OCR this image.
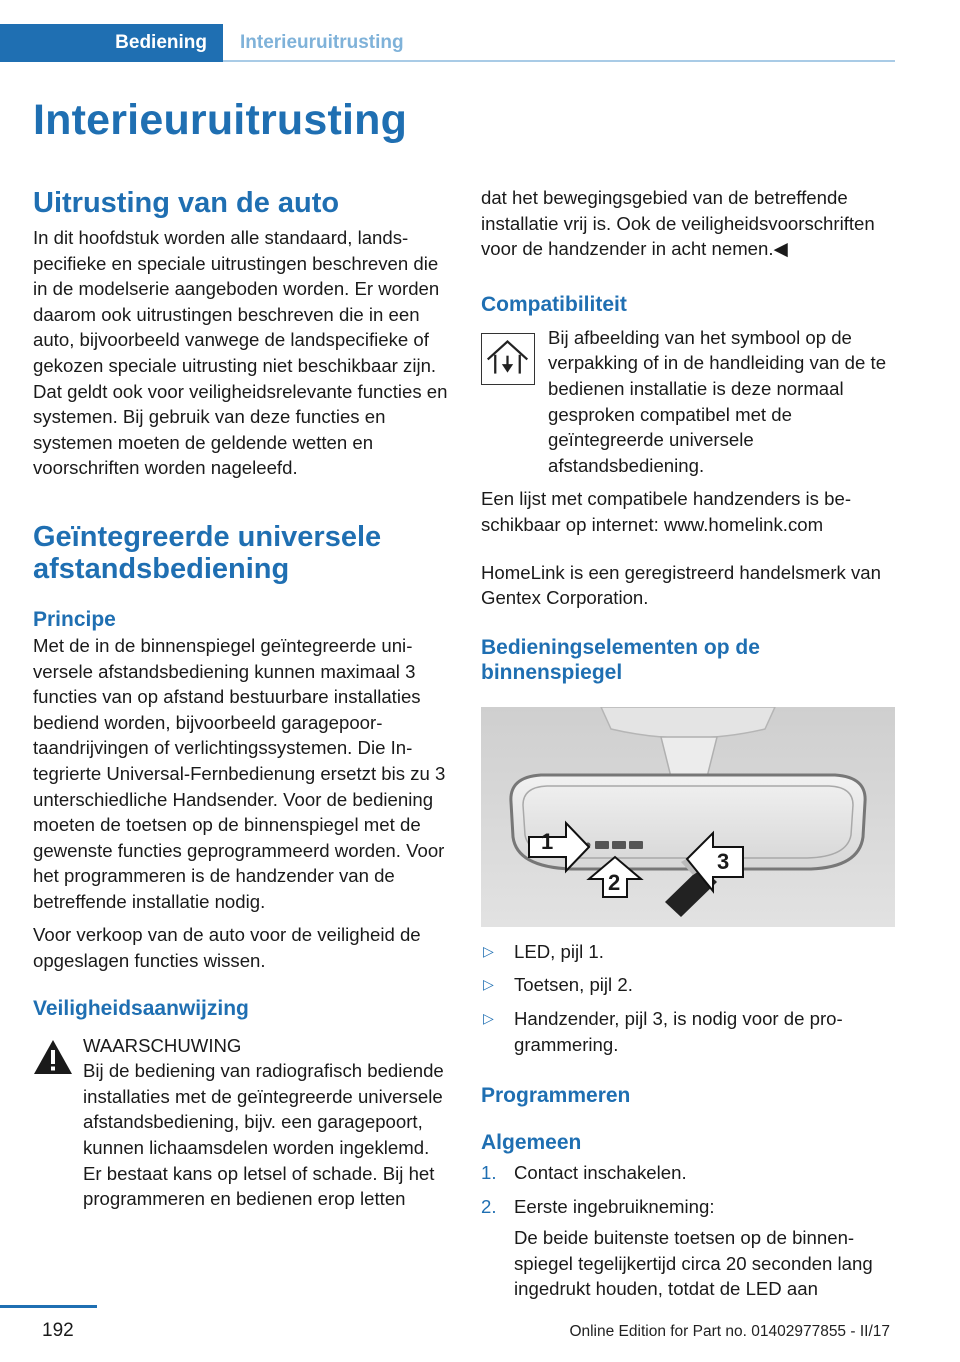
Bediening	Interieuruitrusting
Interieuruitrusting
Uitrusting van de auto

In dit hoofdstuk worden alle standaard, landspecifieke en speciale uitrustingen beschreven die in de modelserie aangeboden worden. Er worden daarom ook uitrustingen beschreven die in een auto, bijvoorbeeld vanwege de landspecifieke of gekozen speciale uitrusting niet beschikbaar zijn. Dat geldt ook voor veiligheidsrelevante functies en systemen. Bij gebruik van deze functies en systemen moeten de geldende wetten en voorschriften worden nageleefd.

Geïntegreerde universele afstandsbediening
Principe

Met de in de binnenspiegel geïntegreerde universele afstandsbediening kunnen maximaal 3 functies van op afstand bestuurbare installaties bediend worden, bijvoorbeeld garagepoortaandrijvingen of verlichtingssystemen. Die Integrierte Universal-Fernbedienung ersetzt bis zu 3 unterschiedliche Handsender. Voor de bediening moeten de toetsen op de binnenspiegel met de gewenste functies geprogrammeerd worden. Voor het programmeren is de handzender van de betreffende installatie nodig.

Voor verkoop van de auto voor de veiligheid de opgeslagen functies wissen.

Veiligheidsaanwijzing

WAARSCHUWING

Bij de bediening van radiografisch bediende installaties met de geïntegreerde universele afstandsbediening, bijv. een garagepoort, kunnen lichaamsdelen worden ingeklemd. Er bestaat kans op letsel of schade. Bij het programmeren en bedienen erop letten

dat het bewegingsgebied van de betreffende installatie vrij is. Ook de veiligheidsvoorschriften voor de handzender in acht nemen.◀

Compatibiliteit

Bij afbeelding van het symbool op de verpakking of in de handleiding van de te bedienen installatie is deze normaal gesproken compatibel met de geïntegreerde universele afstandsbediening.

Een lijst met compatibele handzenders is beschikbaar op internet: www.homelink.com

HomeLink is een geregistreerd handelsmerk van Gentex Corporation.

Bedieningselementen op de binnenspiegel
1
2
3
▷ LED, pijl 1.
▷ Toetsen, pijl 2.
▷ Handzender, pijl 3, is nodig voor de programmering.
Programmeren
Algemeen
1. Contact inschakelen.
2. Eerste ingebruikneming:

De beide buitenste toetsen op de binnenspiegel tegelijkertijd circa 20 seconden lang ingedrukt houden, totdat de LED aan
192	Online Edition for Part no. 01402977855 - II/17
